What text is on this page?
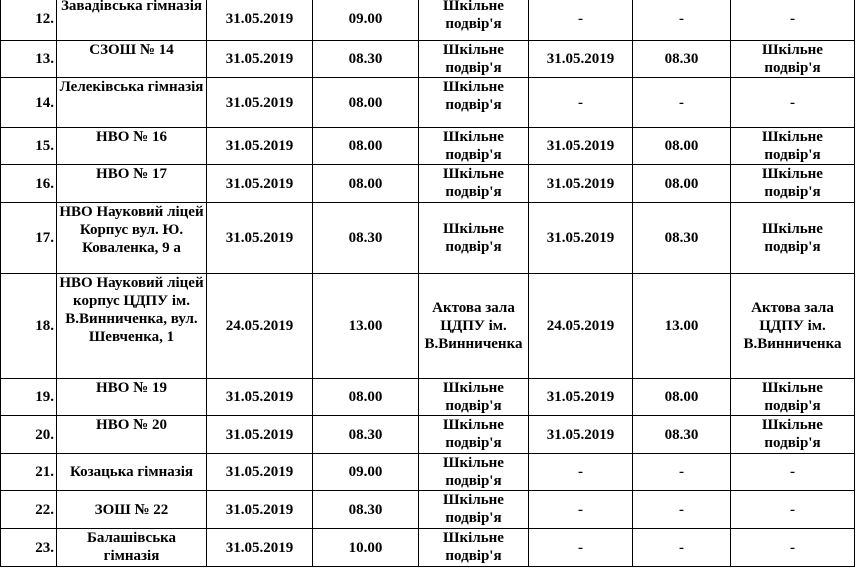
12.	Завадівська гімназія	31.05.2019	09.00	Шкільне подвір'я	-	-	-
13.	СЗОШ № 14	31.05.2019	08.30	Шкільне подвір'я	31.05.2019	08.30	Шкільне подвір'я
14.	Лелеківська гімназія	31.05.2019	08.00	Шкільне подвір'я	-	-	-
15.	НВО № 16	31.05.2019	08.00	Шкільне подвір'я	31.05.2019	08.00	Шкільне подвір'я
16.	НВО № 17	31.05.2019	08.00	Шкільне подвір'я	31.05.2019	08.00	Шкільне подвір'я
17.	НВО Науковий ліцей Корпус вул. Ю. Коваленка, 9 а	31.05.2019	08.30	Шкільне подвір'я	31.05.2019	08.30	Шкільне подвір'я
18.	НВО Науковий ліцей корпус ЦДПУ ім. В.Винниченка, вул. Шевченка, 1	24.05.2019	13.00	Актова зала ЦДПУ ім. В.Винниченка	24.05.2019	13.00	Актова зала ЦДПУ ім. В.Винниченка
19.	НВО № 19	31.05.2019	08.00	Шкільне подвір'я	31.05.2019	08.00	Шкільне подвір'я
20.	НВО № 20	31.05.2019	08.30	Шкільне подвір'я	31.05.2019	08.30	Шкільне подвір'я
21.	Козацька гімназія	31.05.2019	09.00	Шкільне подвір'я	-	-	-
22.	ЗОШ № 22	31.05.2019	08.30	Шкільне подвір'я	-	-	-
23.	Балашівська гімназія	31.05.2019	10.00	Шкільне подвір'я	-	-	-
